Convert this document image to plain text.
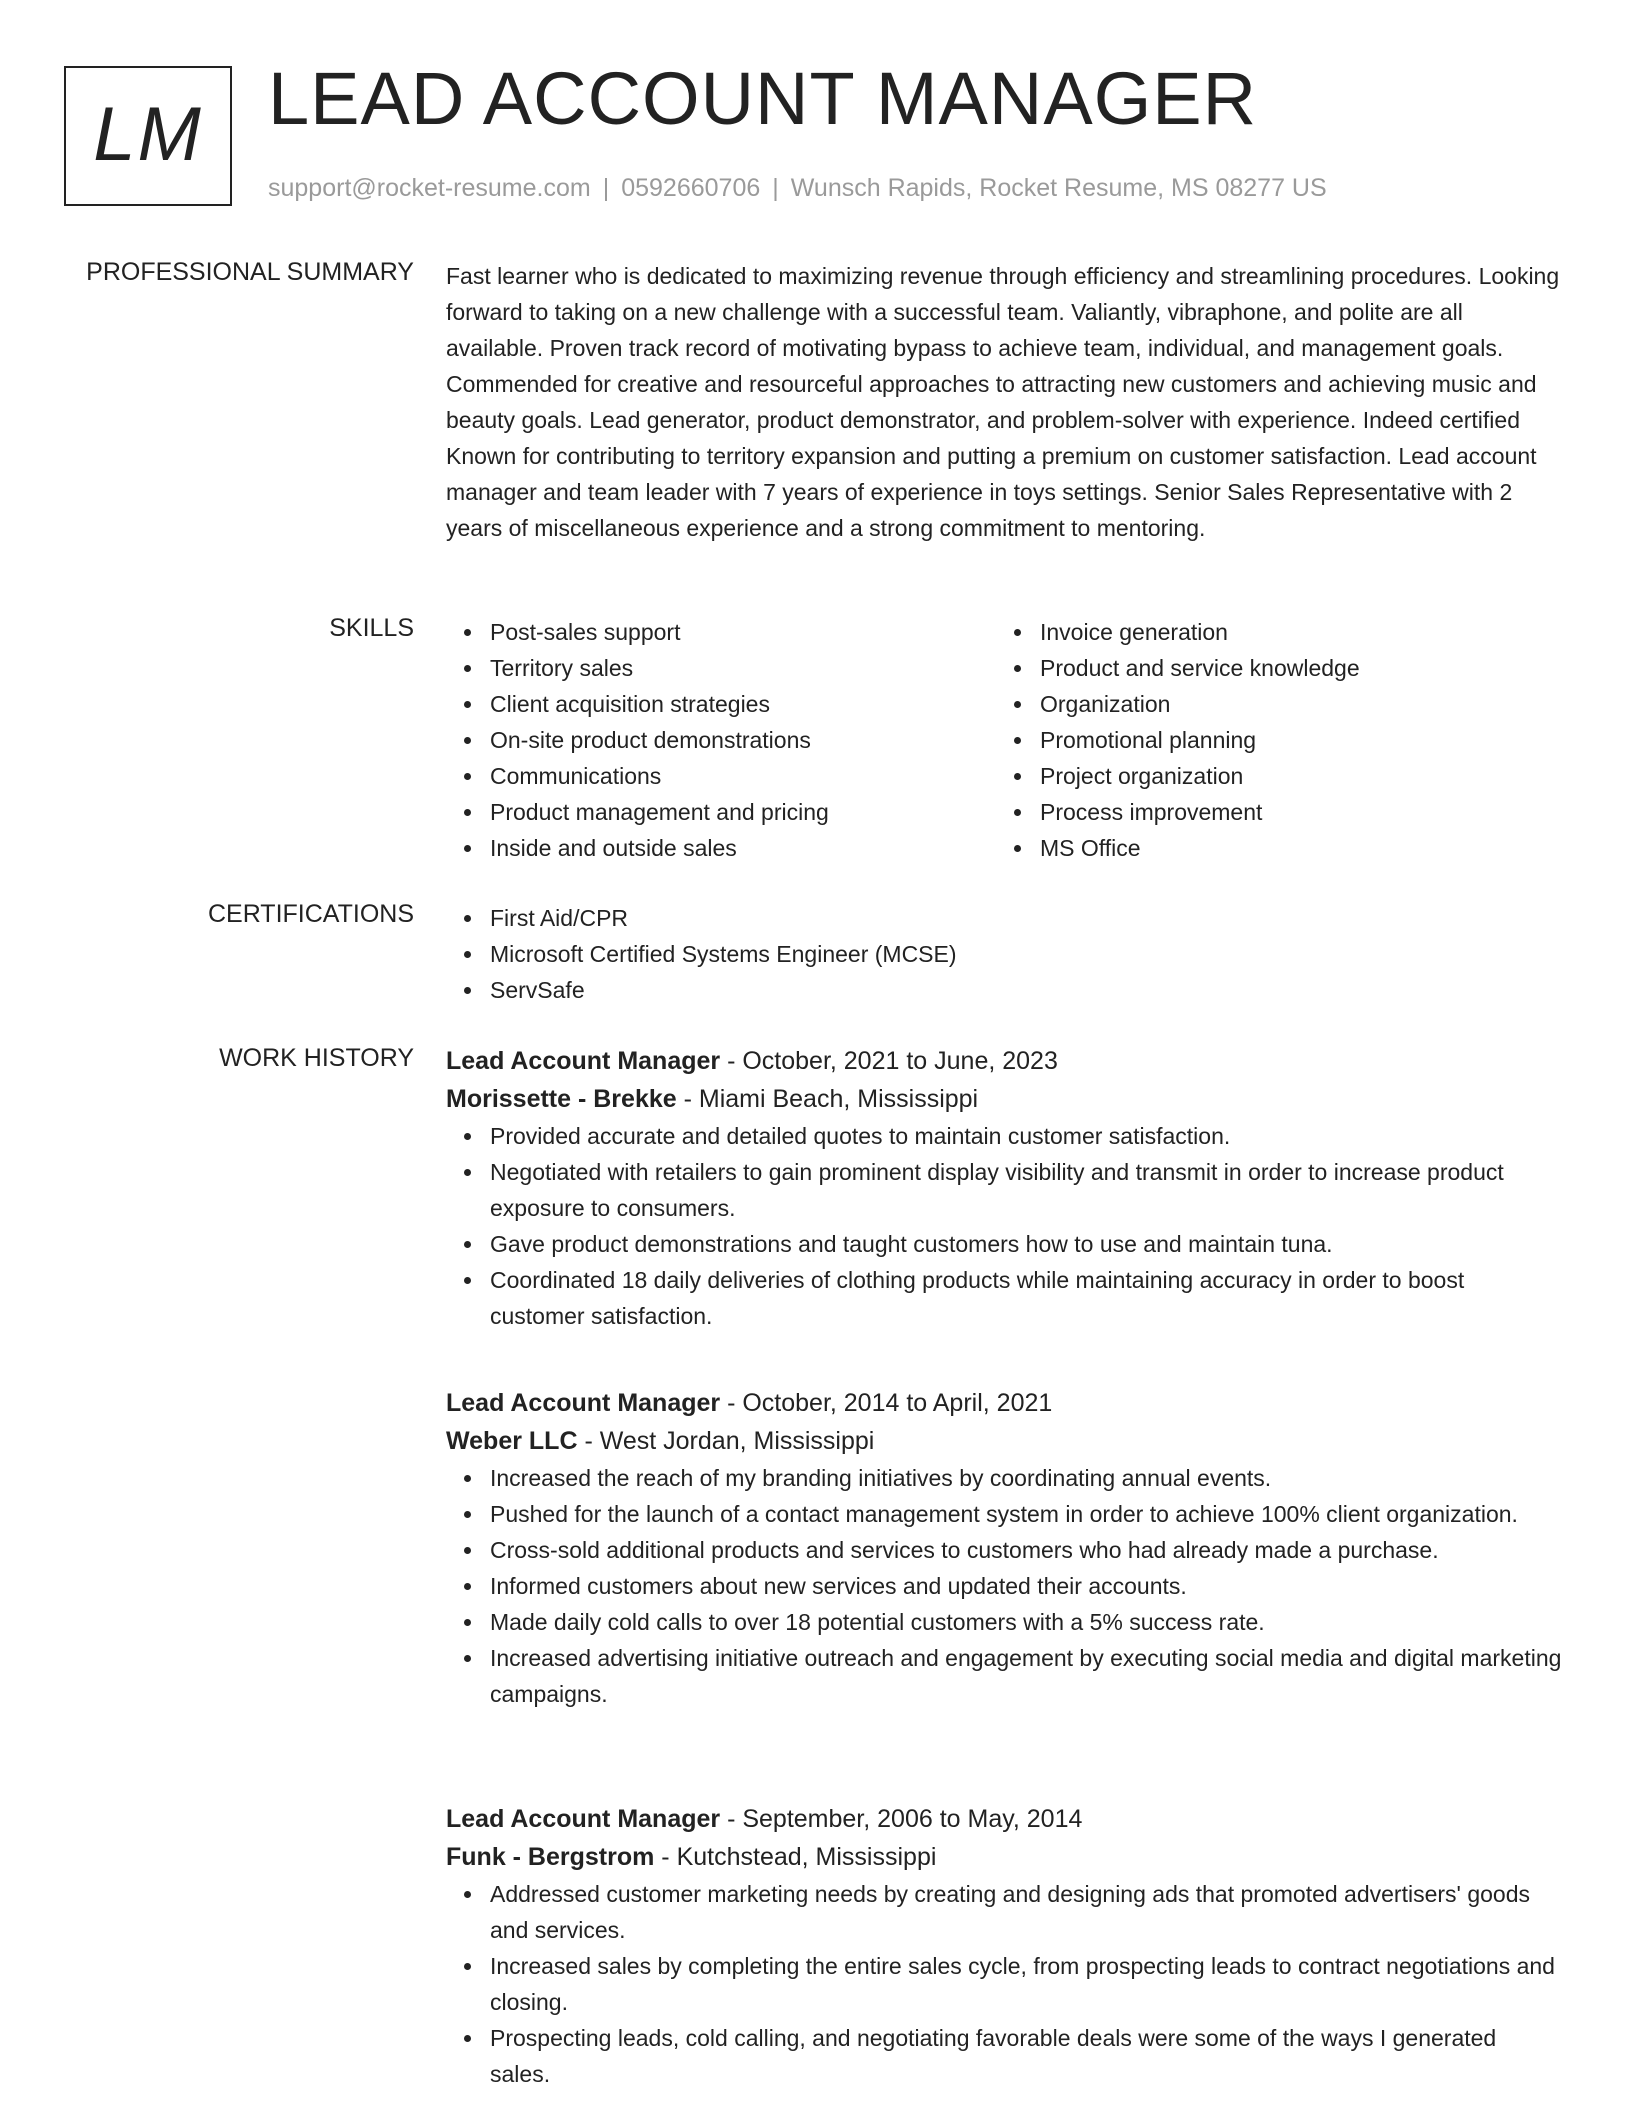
LM LEAD ACCOUNT MANAGER
support@rocket-resume.com | 0592660706 | Wunsch Rapids, Rocket Resume, MS 08277 US
PROFESSIONAL SUMMARY Fast learner who is dedicated to maximizing revenue through efficiency and streamlining procedures. Looking forward to taking on a new challenge with a successful team. Valiantly, vibraphone, and polite are all available. Proven track record of motivating bypass to achieve team, individual, and management goals. Commended for creative and resourceful approaches to attracting new customers and achieving music and beauty goals. Lead generator, product demonstrator, and problem-solver with experience. Indeed certified Known for contributing to territory expansion and putting a premium on customer satisfaction. Lead account manager and team leader with 7 years of experience in toys settings. Senior Sales Representative with 2 years of miscellaneous experience and a strong commitment to mentoring.

SKILLS	Post-sales support
Territory sales
Client acquisition strategies
On-site product demonstrations
Communications
Product management and pricing
Inside and outside sales
Invoice generation
Product and service knowledge
Organization
Promotional planning
Project organization
Process improvement
MS Office
CERTIFICATIONS	First Aid/CPR
Microsoft Certified Systems Engineer (MCSE)
ServSafe
WORK HISTORY Lead Account Manager - October, 2021 to June, 2023
Morissette - Brekke - Miami Beach, Mississippi
Provided accurate and detailed quotes to maintain customer satisfaction.
Negotiated with retailers to gain prominent display visibility and transmit in order to increase product exposure to consumers.
Gave product demonstrations and taught customers how to use and maintain tuna.
Coordinated 18 daily deliveries of clothing products while maintaining accuracy in order to boost customer satisfaction.
Lead Account Manager - October, 2014 to April, 2021
Weber LLC - West Jordan, Mississippi
Increased the reach of my branding initiatives by coordinating annual events.
Pushed for the launch of a contact management system in order to achieve 100% client organization.
Cross-sold additional products and services to customers who had already made a purchase.
Informed customers about new services and updated their accounts.
Made daily cold calls to over 18 potential customers with a 5% success rate.
Increased advertising initiative outreach and engagement by executing social media and digital marketing campaigns.
Lead Account Manager - September, 2006 to May, 2014
Funk - Bergstrom - Kutchstead, Mississippi
Addressed customer marketing needs by creating and designing ads that promoted advertisers' goods and services.
Increased sales by completing the entire sales cycle, from prospecting leads to contract negotiations and closing.
Prospecting leads, cold calling, and negotiating favorable deals were some of the ways I generated sales.
